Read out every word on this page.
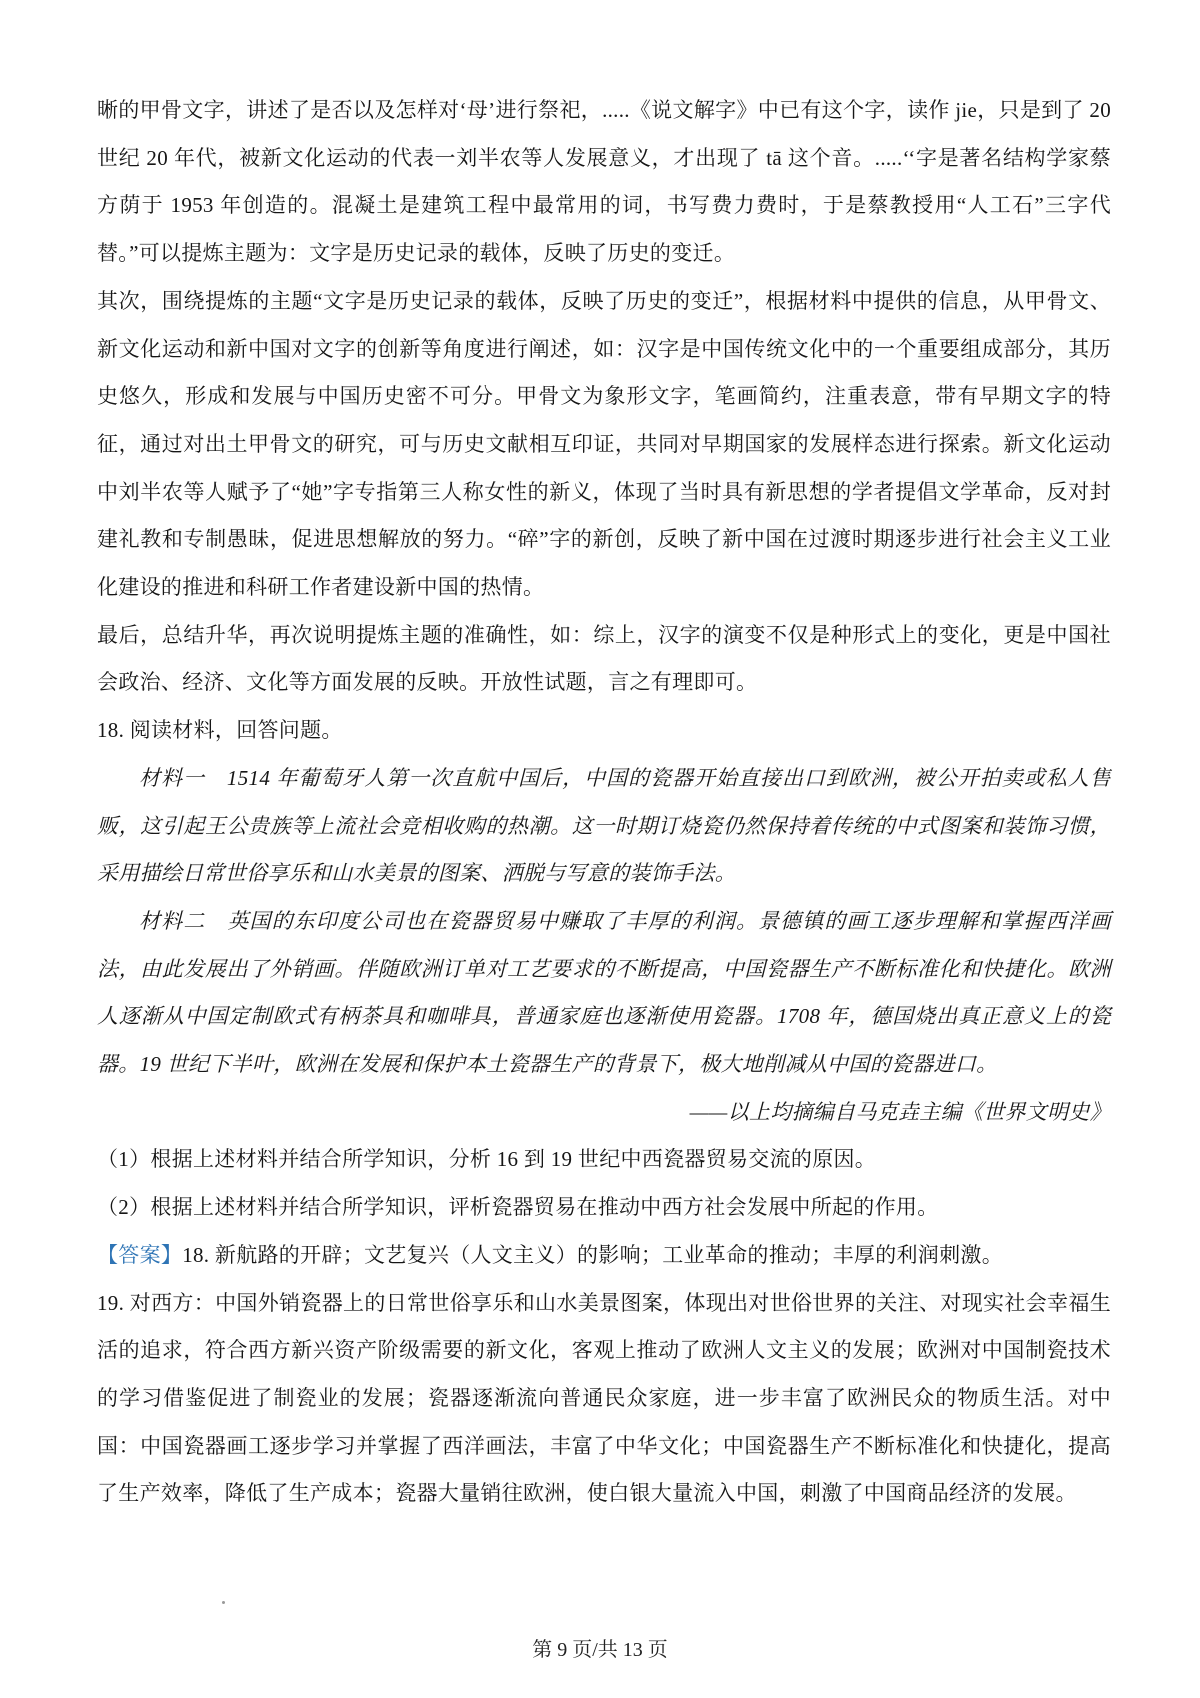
晰的甲骨文字，讲述了是否以及怎样对‘母’进行祭祀，.....《说文解字》中已有这个字，读作 jie，只是到了 20 世纪 20 年代，被新文化运动的代表一刘半农等人发展意义，才出现了 tā 这个音。.....‘‘字是著名结构学家蔡方荫于 1953 年创造的。混凝土是建筑工程中最常用的词，书写费力费时，于是蔡教授用“人工石”三字代替。”可以提炼主题为：文字是历史记录的载体，反映了历史的变迁。

其次，围绕提炼的主题“文字是历史记录的载体，反映了历史的变迁”，根据材料中提供的信息，从甲骨文、新文化运动和新中国对文字的创新等角度进行阐述，如：汉字是中国传统文化中的一个重要组成部分，其历史悠久，形成和发展与中国历史密不可分。甲骨文为象形文字，笔画简约，注重表意，带有早期文字的特征，通过对出土甲骨文的研究，可与历史文献相互印证，共同对早期国家的发展样态进行探索。新文化运动中刘半农等人赋予了“她”字专指第三人称女性的新义，体现了当时具有新思想的学者提倡文学革命，反对封建礼教和专制愚昧，促进思想解放的努力。“碎”字的新创，反映了新中国在过渡时期逐步进行社会主义工业化建设的推进和科研工作者建设新中国的热情。

最后，总结升华，再次说明提炼主题的准确性，如：综上，汉字的演变不仅是种形式上的变化，更是中国社会政治、经济、文化等方面发展的反映。开放性试题，言之有理即可。

18. 阅读材料，回答问题。

材料一　1514 年葡萄牙人第一次直航中国后，中国的瓷器开始直接出口到欧洲，被公开拍卖或私人售贩，这引起王公贵族等上流社会竞相收购的热潮。这一时期订烧瓷仍然保持着传统的中式图案和装饰习惯，采用描绘日常世俗享乐和山水美景的图案、洒脱与写意的装饰手法。

材料二　英国的东印度公司也在瓷器贸易中赚取了丰厚的利润。景德镇的画工逐步理解和掌握西洋画法，由此发展出了外销画。伴随欧洲订单对工艺要求的不断提高，中国瓷器生产不断标准化和快捷化。欧洲人逐渐从中国定制欧式有柄茶具和咖啡具，普通家庭也逐渐使用瓷器。1708 年，德国烧出真正意义上的瓷器。19 世纪下半叶，欧洲在发展和保护本土瓷器生产的背景下，极大地削减从中国的瓷器进口。

——以上均摘编自马克垚主编《世界文明史》

（1）根据上述材料并结合所学知识，分析 16 到 19 世纪中西瓷器贸易交流的原因。

（2）根据上述材料并结合所学知识，评析瓷器贸易在推动中西方社会发展中所起的作用。

【答案】18. 新航路的开辟；文艺复兴（人文主义）的影响；工业革命的推动；丰厚的利润刺激。

19. 对西方：中国外销瓷器上的日常世俗享乐和山水美景图案，体现出对世俗世界的关注、对现实社会幸福生活的追求，符合西方新兴资产阶级需要的新文化，客观上推动了欧洲人文主义的发展；欧洲对中国制瓷技术的学习借鉴促进了制瓷业的发展；瓷器逐渐流向普通民众家庭，进一步丰富了欧洲民众的物质生活。对中国：中国瓷器画工逐步学习并掌握了西洋画法，丰富了中华文化；中国瓷器生产不断标准化和快捷化，提高了生产效率，降低了生产成本；瓷器大量销往欧洲，使白银大量流入中国，刺激了中国商品经济的发展。

第 9 页/共 13 页
